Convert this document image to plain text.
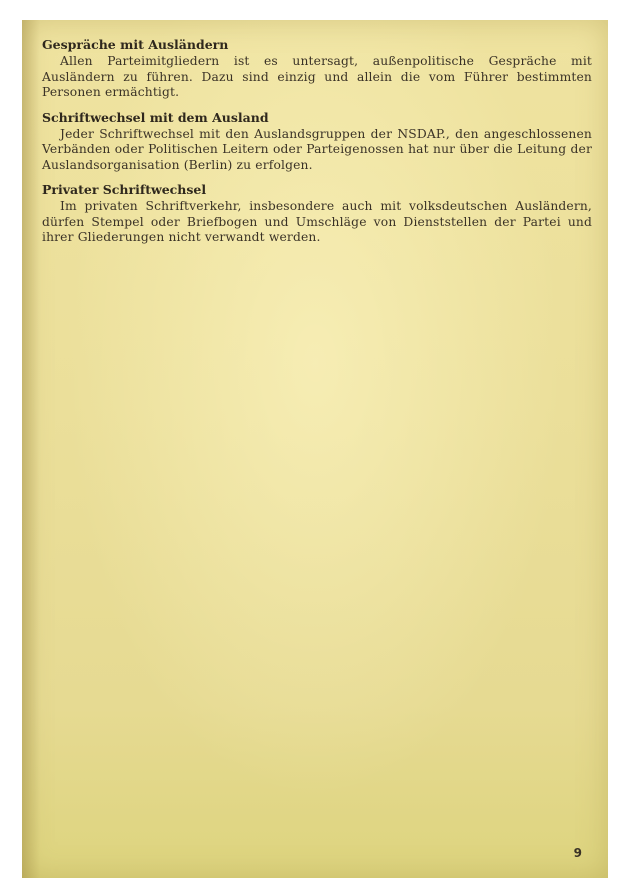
Gespräche mit Ausländern

Allen Parteimitgliedern ist es untersagt, außenpolitische Gespräche mit Ausländern zu führen. Dazu sind einzig und allein die vom Führer bestimmten Personen ermächtigt.

Schriftwechsel mit dem Ausland

Jeder Schriftwechsel mit den Auslandsgruppen der NSDAP., den angeschlossenen Verbänden oder Politischen Leitern oder Parteigenossen hat nur über die Leitung der Auslandsorganisation (Berlin) zu erfolgen.

Privater Schriftwechsel

Im privaten Schriftverkehr, insbesondere auch mit volksdeutschen Ausländern, dürfen Stempel oder Briefbogen und Umschläge von Dienststellen der Partei und ihrer Gliederungen nicht verwandt werden.

9
